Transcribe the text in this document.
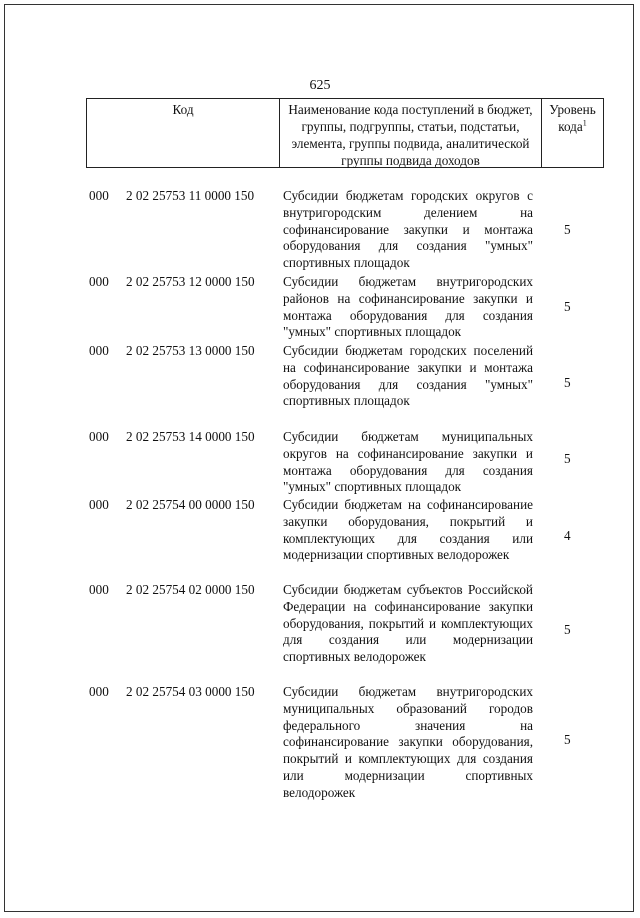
625
Код	Наименование кода поступлений в бюджет, группы, подгруппы, статьи, подстатьи, элемента, группы подвида, аналитической группы подвида доходов
Уровень кода$^1$
000 2 02 25753 11 0000 150 Субсидии бюджетам городских округов с внутригородским делением на софинансирование закупки и монтажа оборудования для создания "умных" спортивных площадок
5
000 2 02 25753 12 0000 150 Субсидии бюджетам внутригородских районов на софинансирование закупки и монтажа оборудования для создания "умных" спортивных площадок
5
000 2 02 25753 13 0000 150 Субсидии бюджетам городских поселений на софинансирование закупки и монтажа оборудования для создания "умных" спортивных площадок
5
000 2 02 25753 14 0000 150 Субсидии бюджетам муниципальных округов на софинансирование закупки и монтажа оборудования для создания "умных" спортивных площадок
5
000 2 02 25754 00 0000 150 Субсидии бюджетам на софинансирование закупки оборудования, покрытий и комплектующих для создания или модернизации спортивных велодорожек
4
000 2 02 25754 02 0000 150 Субсидии бюджетам субъектов Российской Федерации на софинансирование закупки оборудования, покрытий и комплектующих для создания или модернизации спортивных велодорожек
5
000 2 02 25754 03 0000 150 Субсидии бюджетам внутригородских муниципальных образований городов федерального значения на софинансирование закупки оборудования, покрытий и комплектующих для создания или модернизации спортивных велодорожек
5
